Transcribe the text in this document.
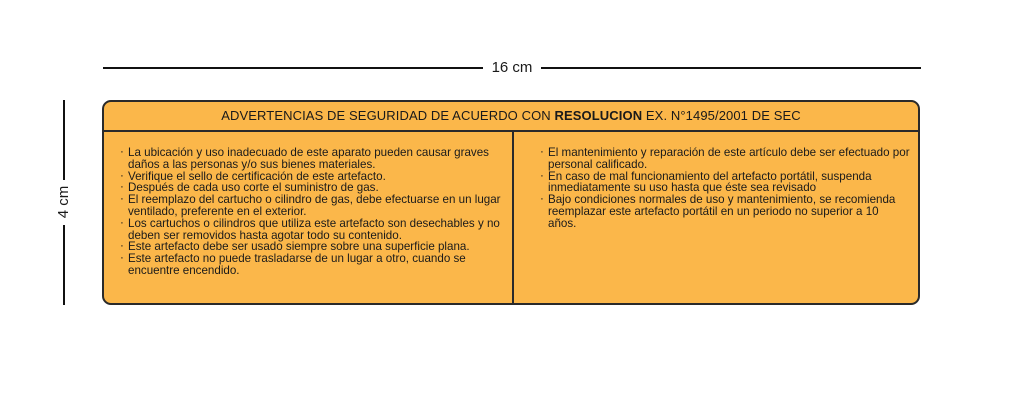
16 cm
4 cm
ADVERTENCIAS DE SEGURIDAD DE ACUERDO CON RESOLUCION EX. N°1495/2001 DE SEC
· La ubicación y uso inadecuado de este aparato pueden causar graves daños a las personas y/o sus bienes materiales.
· Verifique el sello de certificación de este artefacto.
· Después de cada uso corte el suministro de gas.
· El reemplazo del cartucho o cilindro de gas, debe efectuarse en un lugar ventilado, preferente en el exterior.
· Los cartuchos o cilindros que utiliza este artefacto son desechables y no deben ser removidos hasta agotar todo su contenido.
· Este artefacto debe ser usado siempre sobre una superficie plana.
· Este artefacto no puede trasladarse de un lugar a otro, cuando se encuentre encendido.
· El mantenimiento y reparación de este artículo debe ser efectuado por personal calificado.
· En caso de mal funcionamiento del artefacto portátil, suspenda inmediatamente su uso hasta que éste sea revisado
· Bajo condiciones normales de uso y mantenimiento, se recomienda reemplazar este artefacto portátil en un periodo no superior a 10 años.
